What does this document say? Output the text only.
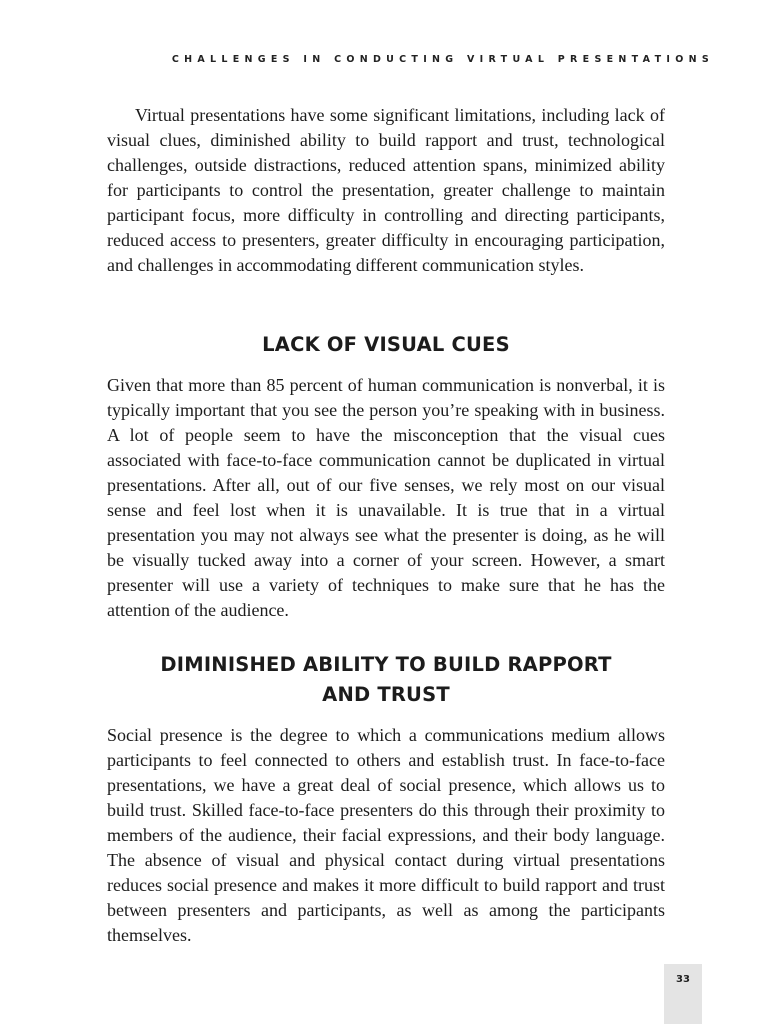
CHALLENGES IN CONDUCTING VIRTUAL PRESENTATIONS

Virtual presentations have some significant limitations, including lack of visual clues, diminished ability to build rapport and trust, technological challenges, outside distractions, reduced attention spans, minimized ability for participants to control the presentation, greater challenge to maintain participant focus, more difficulty in controlling and directing participants, reduced access to presenters, greater difficulty in encouraging participation, and challenges in accommodating different communication styles.

LACK OF VISUAL CUES

Given that more than 85 percent of human communication is nonverbal, it is typically important that you see the person you’re speaking with in business. A lot of people seem to have the misconception that the visual cues associated with face-to-face communication cannot be duplicated in virtual presentations. After all, out of our five senses, we rely most on our visual sense and feel lost when it is unavailable. It is true that in a virtual presentation you may not always see what the presenter is doing, as he will be visually tucked away into a corner of your screen. However, a smart presenter will use a variety of techniques to make sure that he has the attention of the audience.

DIMINISHED ABILITY TO BUILD RAPPORT
AND TRUST

Social presence is the degree to which a communications medium allows participants to feel connected to others and establish trust. In face-to-face presentations, we have a great deal of social presence, which allows us to build trust. Skilled face-to-face presenters do this through their proximity to members of the audience, their facial expressions, and their body language. The absence of visual and physical contact during virtual presentations reduces social presence and makes it more difficult to build rapport and trust between presenters and participants, as well as among the participants themselves.

33
